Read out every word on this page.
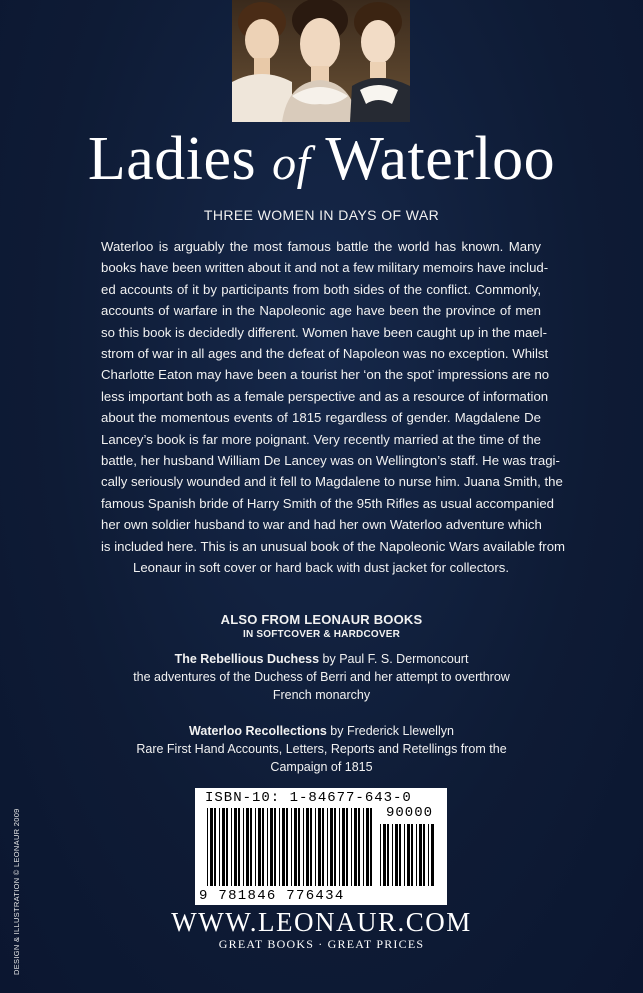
Ladies of Waterloo
THREE WOMEN IN DAYS OF WAR
Waterloo is arguably the most famous battle the world has known. Many
books have been written about it and not a few military memoirs have includ-
ed accounts of it by participants from both sides of the conflict. Commonly,
accounts of warfare in the Napoleonic age have been the province of men
so this book is decidedly different. Women have been caught up in the mael-
strom of war in all ages and the defeat of Napoleon was no exception. Whilst
Charlotte Eaton may have been a tourist her ‘on the spot’ impressions are no
less important both as a female perspective and as a resource of information
about the momentous events of 1815 regardless of gender. Magdalene De
Lancey’s book is far more poignant. Very recently married at the time of the
battle, her husband William De Lancey was on Wellington’s staff. He was tragi-
cally seriously wounded and it fell to Magdalene to nurse him. Juana Smith, the
famous Spanish bride of Harry Smith of the 95th Rifles as usual accompanied
her own soldier husband to war and had her own Waterloo adventure which
is included here. This is an unusual book of the Napoleonic Wars available from
Leonaur in soft cover or hard back with dust jacket for collectors.
ALSO FROM LEONAUR BOOKS
IN SOFTCOVER & HARDCOVER
The Rebellious Duchess by Paul F. S. Dermoncourt
the adventures of the Duchess of Berri and her attempt to overthrow
French monarchy
Waterloo Recollections by Frederick Llewellyn
Rare First Hand Accounts, Letters, Reports and Retellings from the
Campaign of 1815
ISBN-10: 1-84677-643-0
90000
9 781846 776434
WWW.LEONAUR.COM
GREAT BOOKS · GREAT PRICES
DESIGN & ILLUSTRATION © LEONAUR 2009
